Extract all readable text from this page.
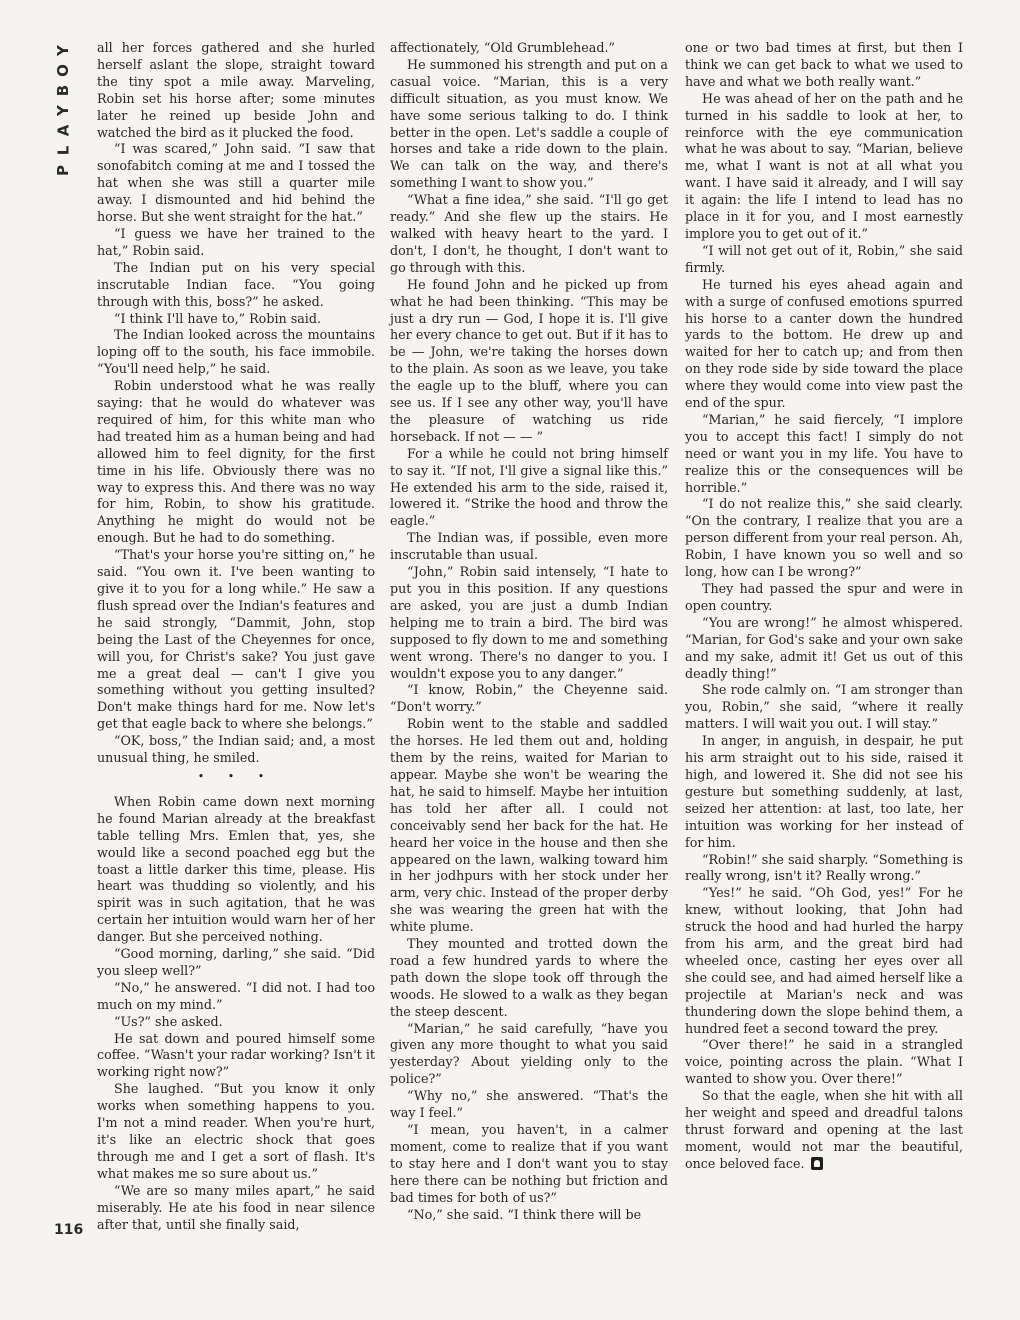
Y
O
B
Y
A
L
P
116

all her forces gathered and she hurled herself aslant the slope, straight toward the tiny spot a mile away. Marveling, Robin set his horse after; some minutes later he reined up beside John and watched the bird as it plucked the food.

“I was scared,” John said. “I saw that sonofabitch coming at me and I tossed the hat when she was still a quarter mile away. I dismounted and hid behind the horse. But she went straight for the hat.”

“I guess we have her trained to the hat,” Robin said.

The Indian put on his very special inscrutable Indian face. “You going through with this, boss?” he asked.

“I think I'll have to,” Robin said.

The Indian looked across the mountains loping off to the south, his face immobile. “You'll need help,” he said.

Robin understood what he was really saying: that he would do whatever was required of him, for this white man who had treated him as a human being and had allowed him to feel dignity, for the first time in his life. Obviously there was no way to express this. And there was no way for him, Robin, to show his gratitude. Anything he might do would not be enough. But he had to do something.

“That's your horse you're sitting on,” he said. “You own it. I've been wanting to give it to you for a long while.” He saw a flush spread over the Indian's features and he said strongly, “Dammit, John, stop being the Last of the Cheyennes for once, will you, for Christ's sake? You just gave me a great deal — can't I give you something without you getting insulted? Don't make things hard for me. Now let's get that eagle back to where she belongs.”

“OK, boss,” the Indian said; and, a most unusual thing, he smiled.

• • •

When Robin came down next morning he found Marian already at the breakfast table telling Mrs. Emlen that, yes, she would like a second poached egg but the toast a little darker this time, please. His heart was thudding so violently, and his spirit was in such agitation, that he was certain her intuition would warn her of her danger. But she perceived nothing.

“Good morning, darling,” she said. “Did you sleep well?”

“No,” he answered. “I did not. I had too much on my mind.”

“Us?” she asked.

He sat down and poured himself some coffee. “Wasn't your radar working? Isn't it working right now?”

She laughed. “But you know it only works when something happens to you. I'm not a mind reader. When you're hurt, it's like an electric shock that goes through me and I get a sort of flash. It's what makes me so sure about us.”

“We are so many miles apart,” he said miserably. He ate his food in near silence after that, until she finally said,

affectionately, “Old Grumblehead.”

He summoned his strength and put on a casual voice. “Marian, this is a very difficult situation, as you must know. We have some serious talking to do. I think better in the open. Let's saddle a couple of horses and take a ride down to the plain. We can talk on the way, and there's something I want to show you.”

“What a fine idea,” she said. “I'll go get ready.” And she flew up the stairs. He walked with heavy heart to the yard. I don't, I don't, he thought, I don't want to go through with this.

He found John and he picked up from what he had been thinking. “This may be just a dry run — God, I hope it is. I'll give her every chance to get out. But if it has to be — John, we're taking the horses down to the plain. As soon as we leave, you take the eagle up to the bluff, where you can see us. If I see any other way, you'll have the pleasure of watching us ride horseback. If not — — ”

For a while he could not bring himself to say it. “If not, I'll give a signal like this.” He extended his arm to the side, raised it, lowered it. “Strike the hood and throw the eagle.”

The Indian was, if possible, even more inscrutable than usual.

“John,” Robin said intensely, “I hate to put you in this position. If any questions are asked, you are just a dumb Indian helping me to train a bird. The bird was supposed to fly down to me and something went wrong. There's no danger to you. I wouldn't expose you to any danger.”

“I know, Robin,” the Cheyenne said. “Don't worry.”

Robin went to the stable and saddled the horses. He led them out and, holding them by the reins, waited for Marian to appear. Maybe she won't be wearing the hat, he said to himself. Maybe her intuition has told her after all. I could not conceivably send her back for the hat. He heard her voice in the house and then she appeared on the lawn, walking toward him in her jodhpurs with her stock under her arm, very chic. Instead of the proper derby she was wearing the green hat with the white plume.

They mounted and trotted down the road a few hundred yards to where the path down the slope took off through the woods. He slowed to a walk as they began the steep descent.

“Marian,” he said carefully, “have you given any more thought to what you said yesterday? About yielding only to the police?”

“Why no,” she answered. “That's the way I feel.”

“I mean, you haven't, in a calmer moment, come to realize that if you want to stay here and I don't want you to stay here there can be nothing but friction and bad times for both of us?”

“No,” she said. “I think there will be

one or two bad times at first, but then I think we can get back to what we used to have and what we both really want.”

He was ahead of her on the path and he turned in his saddle to look at her, to reinforce with the eye communication what he was about to say. “Marian, believe me, what I want is not at all what you want. I have said it already, and I will say it again: the life I intend to lead has no place in it for you, and I most earnestly implore you to get out of it.”

“I will not get out of it, Robin,” she said firmly.

He turned his eyes ahead again and with a surge of confused emotions spurred his horse to a canter down the hundred yards to the bottom. He drew up and waited for her to catch up; and from then on they rode side by side toward the place where they would come into view past the end of the spur.

“Marian,” he said fiercely, “I implore you to accept this fact! I simply do not need or want you in my life. You have to realize this or the consequences will be horrible.”

“I do not realize this,” she said clearly. “On the contrary, I realize that you are a person different from your real person. Ah, Robin, I have known you so well and so long, how can I be wrong?”

They had passed the spur and were in open country.

“You are wrong!” he almost whispered. “Marian, for God's sake and your own sake and my sake, admit it! Get us out of this deadly thing!”

She rode calmly on. “I am stronger than you, Robin,” she said, “where it really matters. I will wait you out. I will stay.”

In anger, in anguish, in despair, he put his arm straight out to his side, raised it high, and lowered it. She did not see his gesture but something suddenly, at last, seized her attention: at last, too late, her intuition was working for her instead of for him.

“Robin!” she said sharply. “Something is really wrong, isn't it? Really wrong.”

“Yes!” he said. “Oh God, yes!” For he knew, without looking, that John had struck the hood and had hurled the harpy from his arm, and the great bird had wheeled once, casting her eyes over all she could see, and had aimed herself like a projectile at Marian's neck and was thundering down the slope behind them, a hundred feet a second toward the prey.

“Over there!” he said in a strangled voice, pointing across the plain. “What I wanted to show you. Over there!”

So that the eagle, when she hit with all her weight and speed and dreadful talons thrust forward and opening at the last moment, would not mar the beautiful, once beloved face.
